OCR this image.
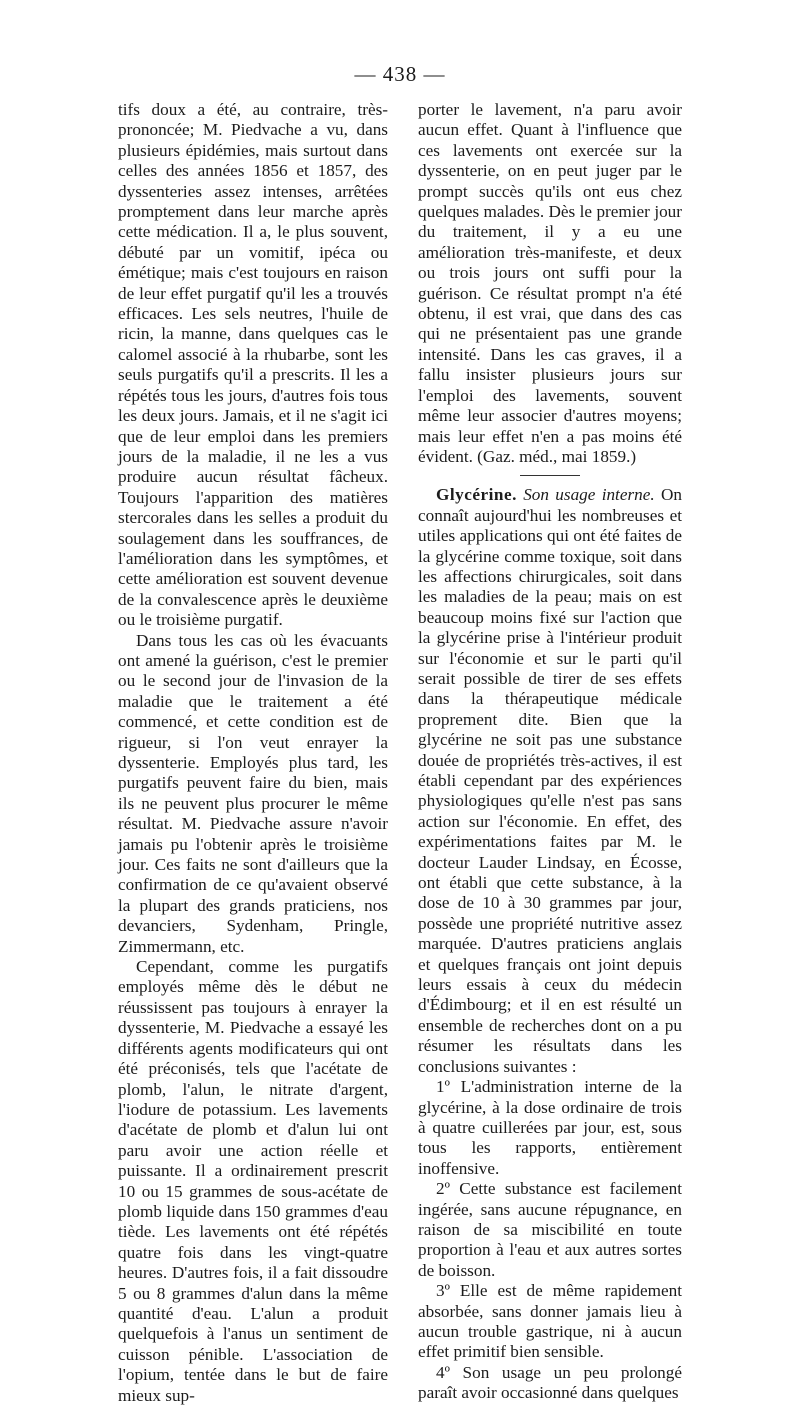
— 438 —

tifs doux a été, au contraire, très-prononcée; M. Piedvache a vu, dans plusieurs épidémies, mais surtout dans celles des années 1856 et 1857, des dyssenteries assez intenses, arrêtées promptement dans leur marche après cette médication. Il a, le plus souvent, débuté par un vomitif, ipéca ou émétique; mais c'est toujours en raison de leur effet purgatif qu'il les a trouvés efficaces. Les sels neutres, l'huile de ricin, la manne, dans quelques cas le calomel associé à la rhubarbe, sont les seuls purgatifs qu'il a prescrits. Il les a répétés tous les jours, d'autres fois tous les deux jours. Jamais, et il ne s'agit ici que de leur emploi dans les premiers jours de la maladie, il ne les a vus produire aucun résultat fâcheux. Toujours l'apparition des matières stercorales dans les selles a produit du soulagement dans les souffrances, de l'amélioration dans les symptômes, et cette amélioration est souvent devenue de la convalescence après le deuxième ou le troisième purgatif.

Dans tous les cas où les évacuants ont amené la guérison, c'est le premier ou le second jour de l'invasion de la maladie que le traitement a été commencé, et cette condition est de rigueur, si l'on veut enrayer la dyssenterie. Employés plus tard, les purgatifs peuvent faire du bien, mais ils ne peuvent plus procurer le même résultat. M. Piedvache assure n'avoir jamais pu l'obtenir après le troisième jour. Ces faits ne sont d'ailleurs que la confirmation de ce qu'avaient observé la plupart des grands praticiens, nos devanciers, Sydenham, Pringle, Zimmermann, etc.

Cependant, comme les purgatifs employés même dès le début ne réussissent pas toujours à enrayer la dyssenterie, M. Piedvache a essayé les différents agents modificateurs qui ont été préconisés, tels que l'acétate de plomb, l'alun, le nitrate d'argent, l'iodure de potassium. Les lavements d'acétate de plomb et d'alun lui ont paru avoir une action réelle et puissante. Il a ordinairement prescrit 10 ou 15 grammes de sous-acétate de plomb liquide dans 150 grammes d'eau tiède. Les lavements ont été répétés quatre fois dans les vingt-quatre heures. D'autres fois, il a fait dissoudre 5 ou 8 grammes d'alun dans la même quantité d'eau. L'alun a produit quelquefois à l'anus un sentiment de cuisson pénible. L'association de l'opium, tentée dans le but de faire mieux sup-

porter le lavement, n'a paru avoir aucun effet. Quant à l'influence que ces lavements ont exercée sur la dyssenterie, on en peut juger par le prompt succès qu'ils ont eus chez quelques malades. Dès le premier jour du traitement, il y a eu une amélioration très-manifeste, et deux ou trois jours ont suffi pour la guérison. Ce résultat prompt n'a été obtenu, il est vrai, que dans des cas qui ne présentaient pas une grande intensité. Dans les cas graves, il a fallu insister plusieurs jours sur l'emploi des lavements, souvent même leur associer d'autres moyens; mais leur effet n'en a pas moins été évident. (Gaz. méd., mai 1859.)

Glycérine. Son usage interne. On connaît aujourd'hui les nombreuses et utiles applications qui ont été faites de la glycérine comme toxique, soit dans les affections chirurgicales, soit dans les maladies de la peau; mais on est beaucoup moins fixé sur l'action que la glycérine prise à l'intérieur produit sur l'économie et sur le parti qu'il serait possible de tirer de ses effets dans la thérapeutique médicale proprement dite. Bien que la glycérine ne soit pas une substance douée de propriétés très-actives, il est établi cependant par des expériences physiologiques qu'elle n'est pas sans action sur l'économie. En effet, des expérimentations faites par M. le docteur Lauder Lindsay, en Écosse, ont établi que cette substance, à la dose de 10 à 30 grammes par jour, possède une propriété nutritive assez marquée. D'autres praticiens anglais et quelques français ont joint depuis leurs essais à ceux du médecin d'Édimbourg; et il en est résulté un ensemble de recherches dont on a pu résumer les résultats dans les conclusions suivantes :

1º L'administration interne de la glycérine, à la dose ordinaire de trois à quatre cuillerées par jour, est, sous tous les rapports, entièrement inoffensive.

2º Cette substance est facilement ingérée, sans aucune répugnance, en raison de sa miscibilité en toute proportion à l'eau et aux autres sortes de boisson.

3º Elle est de même rapidement absorbée, sans donner jamais lieu à aucun trouble gastrique, ni à aucun effet primitif bien sensible.

4º Son usage un peu prolongé paraît avoir occasionné dans quelques
